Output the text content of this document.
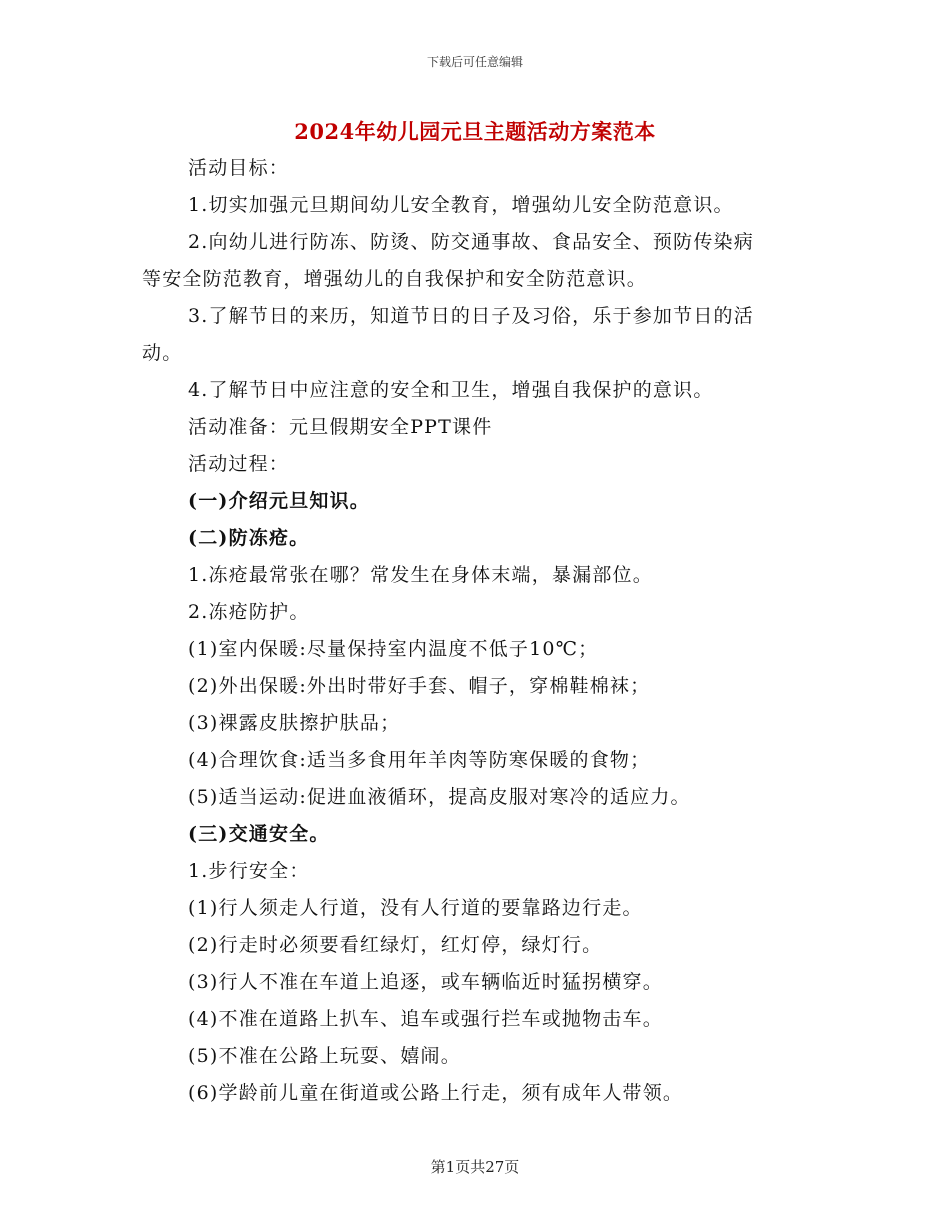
下载后可任意编辑
2024年幼儿园元旦主题活动方案范本
活动目标：
1.切实加强元旦期间幼儿安全教育，增强幼儿安全防范意识。
2.向幼儿进行防冻、防烫、防交通事故、食品安全、预防传染病
等安全防范教育，增强幼儿的自我保护和安全防范意识。
3.了解节日的来历，知道节日的日子及习俗，乐于参加节日的活
动。
4.了解节日中应注意的安全和卫生，增强自我保护的意识。
活动准备：元旦假期安全PPT课件
活动过程：
(一)介绍元旦知识。
(二)防冻疮。
1.冻疮最常张在哪？常发生在身体末端，暴漏部位。
2.冻疮防护。
(1)室内保暖:尽量保持室内温度不低子10℃；
(2)外出保暖:外出时带好手套、帽子，穿棉鞋棉袜；
(3)裸露皮肤擦护肤品；
(4)合理饮食:适当多食用年羊肉等防寒保暖的食物；
(5)适当运动:促进血液循环，提高皮服对寒冷的适应力。
(三)交通安全。
1.步行安全：
(1)行人须走人行道，没有人行道的要靠路边行走。
(2)行走时必须要看红绿灯，红灯停，绿灯行。
(3)行人不准在车道上追逐，或车辆临近时猛拐横穿。
(4)不准在道路上扒车、追车或强行拦车或抛物击车。
(5)不准在公路上玩耍、嬉闹。
(6)学龄前儿童在街道或公路上行走，须有成年人带领。
第1页共27页
